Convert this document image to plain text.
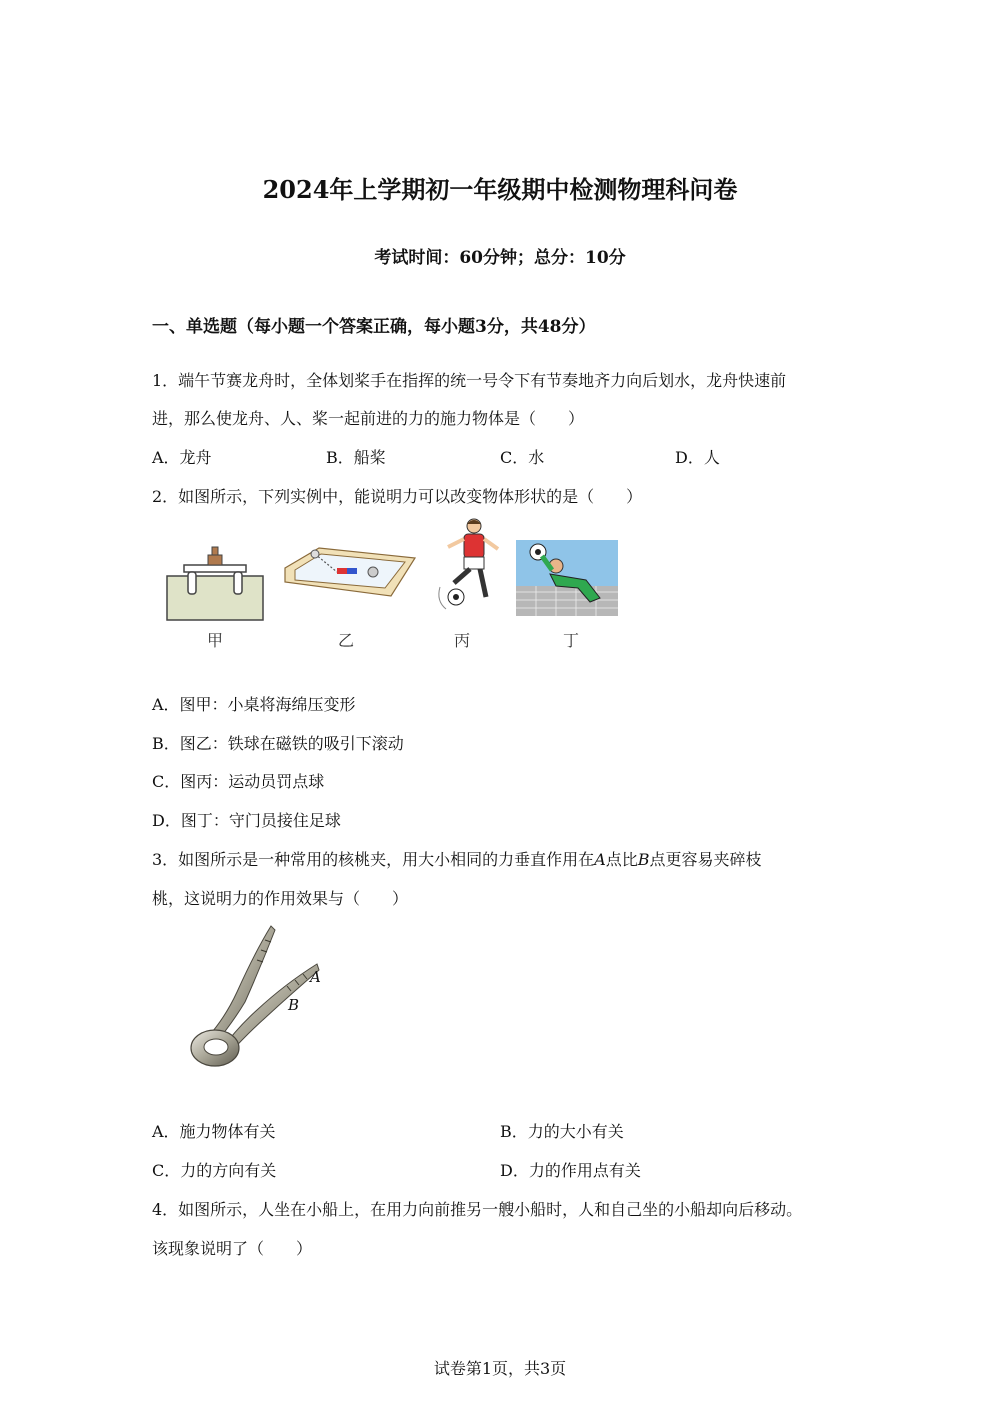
2024年上学期初一年级期中检测物理科问卷
考试时间：60分钟；总分：10分
一、单选题（每小题一个答案正确，每小题3分，共48分）
1．端午节赛龙舟时，全体划桨手在指挥的统一号令下有节奏地齐力向后划水，龙舟快速前
进，那么使龙舟、人、桨一起前进的力的施力物体是（　　）
A．龙舟	B．船桨	C．水	D．人
2．如图所示，下列实例中，能说明力可以改变物体形状的是（　　）
甲	乙	丙	丁
A．图甲：小桌将海绵压变形
B．图乙：铁球在磁铁的吸引下滚动
C．图丙：运动员罚点球
D．图丁：守门员接住足球
3．如图所示是一种常用的核桃夹，用大小相同的力垂直作用在A点比B点更容易夹碎枝
桃，这说明力的作用效果与（　　）
A
B
A．施力物体有关	B．力的大小有关
C．力的方向有关	D．力的作用点有关
4．如图所示，人坐在小船上，在用力向前推另一艘小船时，人和自己坐的小船却向后移动。
该现象说明了（　　）
试卷第1页，共3页
